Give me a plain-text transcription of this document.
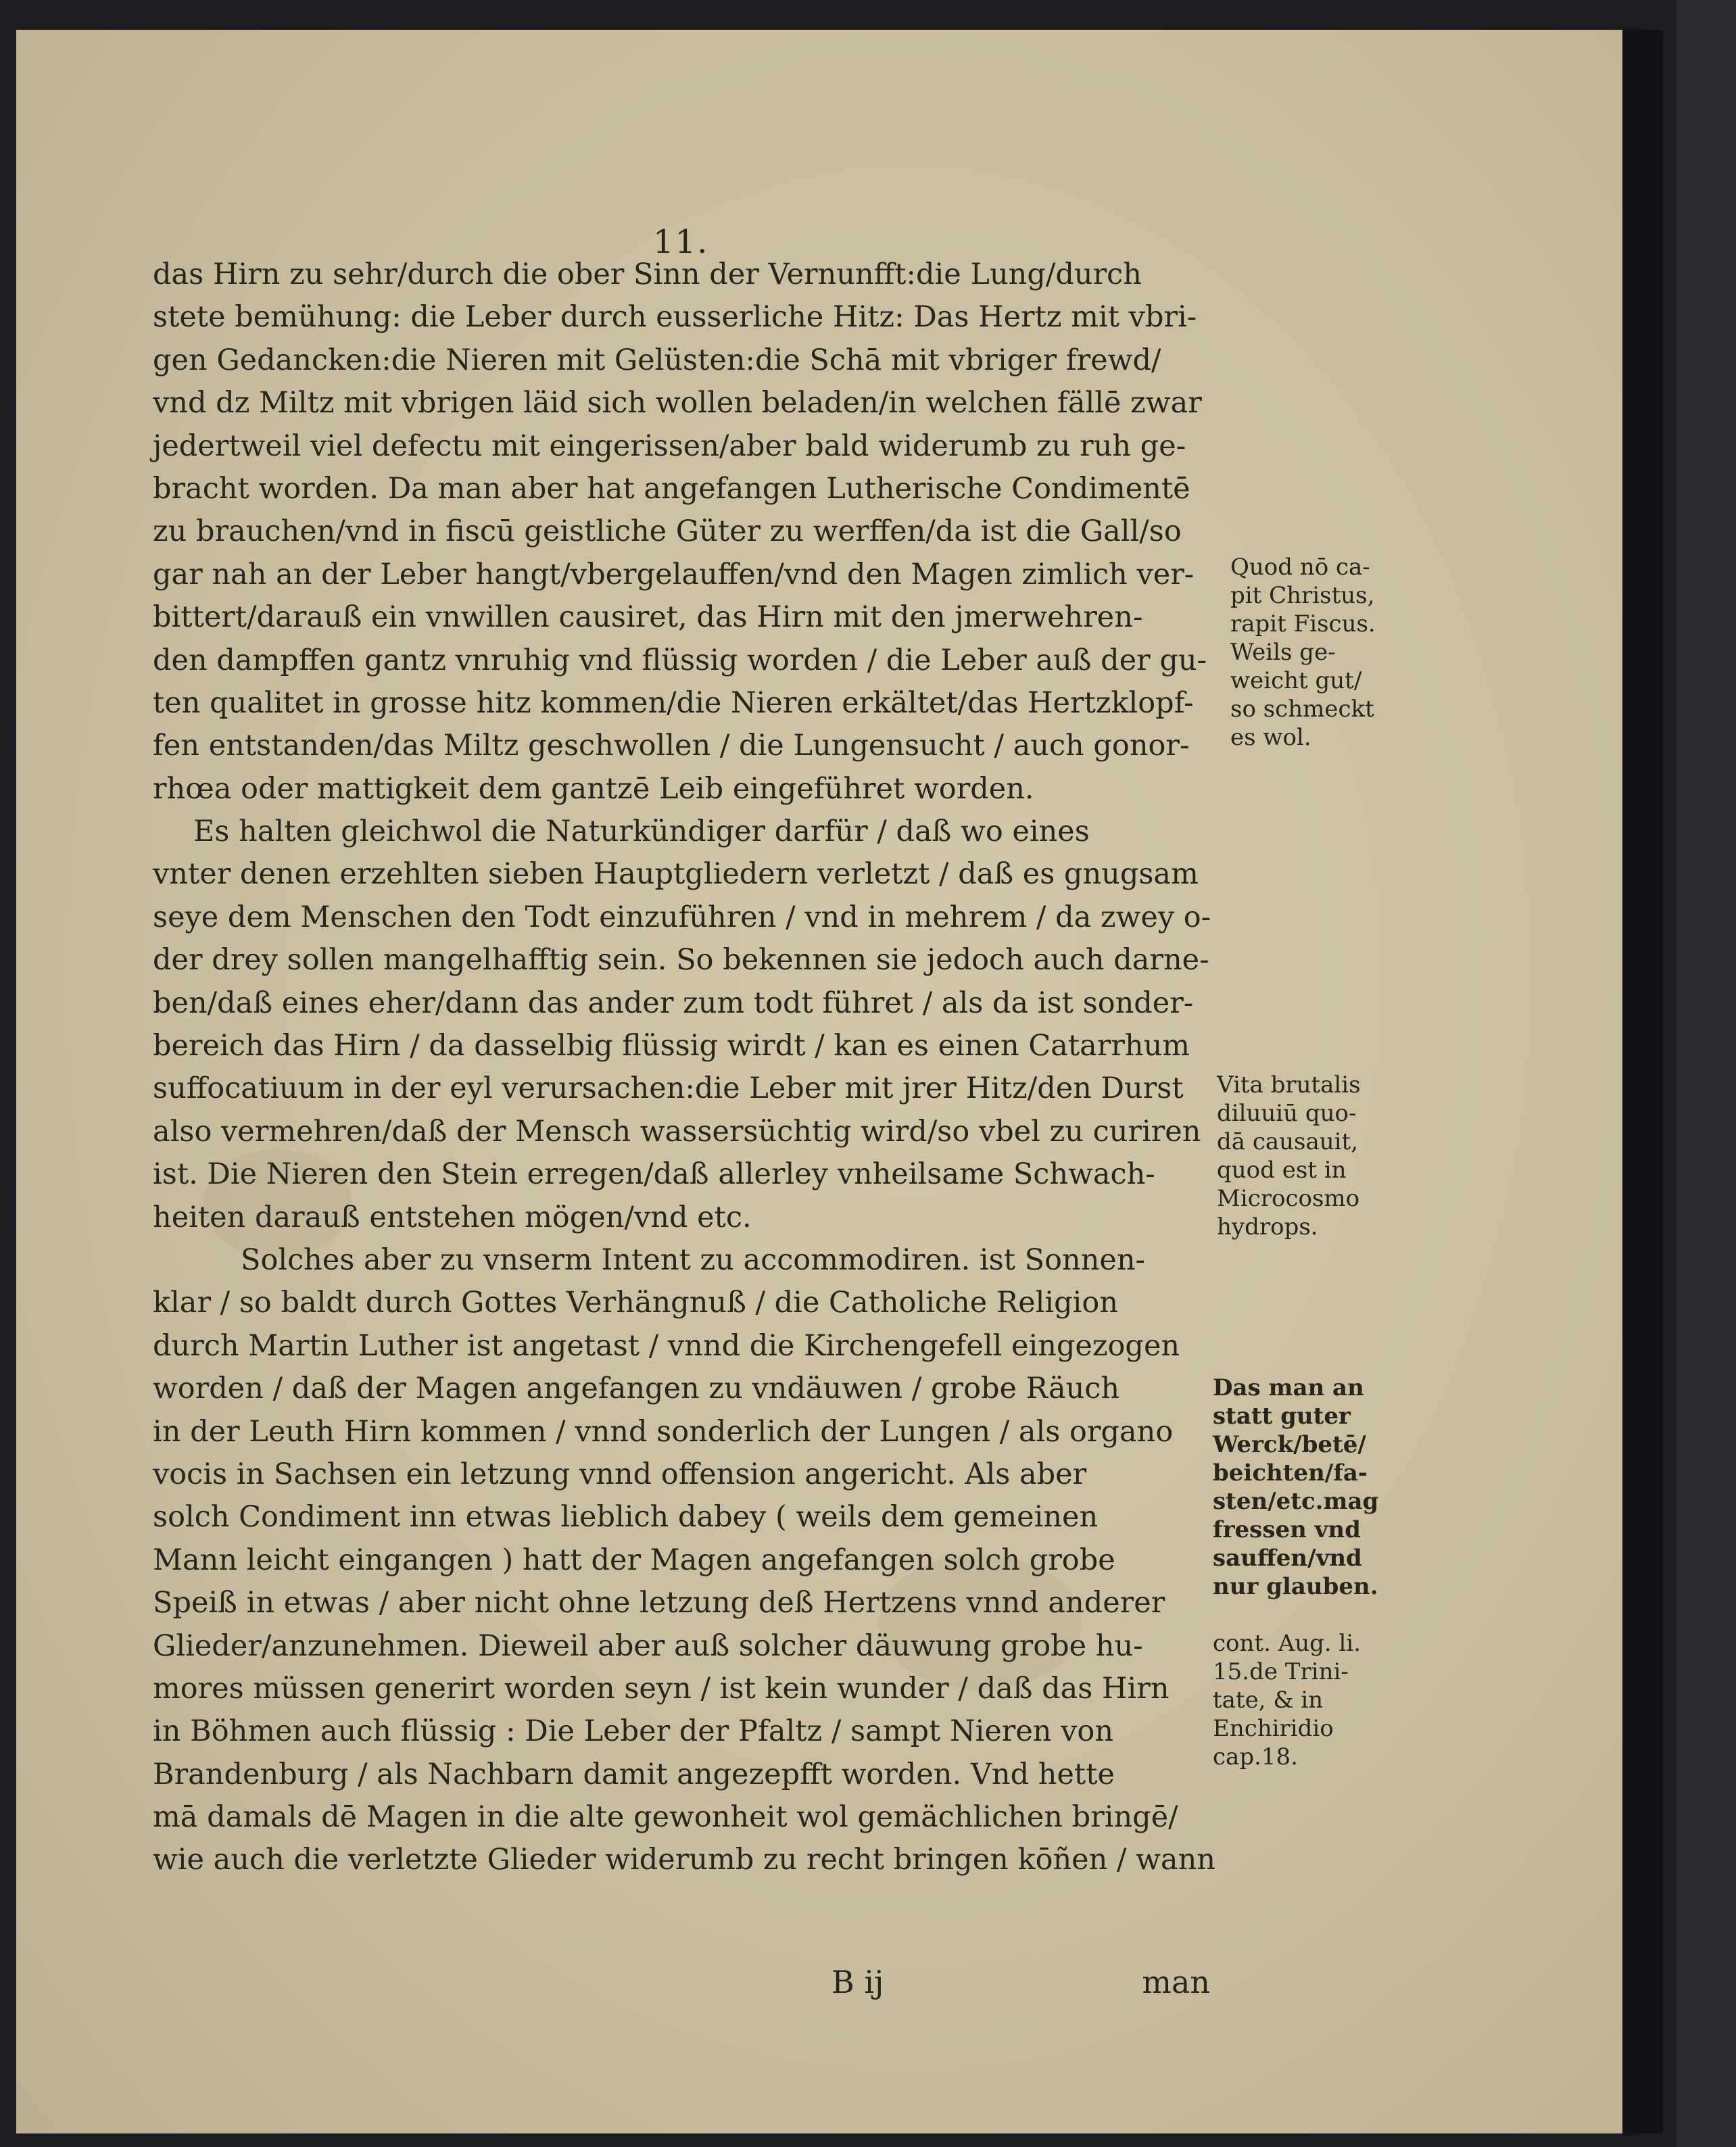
11.
das Hirn zu sehr/durch die ober Sinn der Vernunfft:die Lung/durch
stete bemühung: die Leber durch eusserliche Hitz: Das Hertz mit vbri-
gen Gedancken:die Nieren mit Gelüsten:die Schā mit vbriger frewd/
vnd dz Miltz mit vbrigen läid sich wollen beladen/in welchen fällē zwar
jedertweil viel defectu mit eingerissen/aber bald widerumb zu ruh ge-
bracht worden. Da man aber hat angefangen Lutherische Condimentē
zu brauchen/vnd in fiscū geistliche Güter zu werffen/da ist die Gall/so
gar nah an der Leber hangt/vbergelauffen/vnd den Magen zimlich ver-
bittert/darauß ein vnwillen causiret, das Hirn mit den jmerwehren-
den dampffen gantz vnruhig vnd flüssig worden / die Leber auß der gu-
ten qualitet in grosse hitz kommen/die Nieren erkältet/das Hertzklopf-
fen entstanden/das Miltz geschwollen / die Lungensucht / auch gonor-
rhœa oder mattigkeit dem gantzē Leib eingeführet worden.
Es halten gleichwol die Naturkündiger darfür / daß wo eines
vnter denen erzehlten sieben Hauptgliedern verletzt / daß es gnugsam
seye dem Menschen den Todt einzuführen / vnd in mehrem / da zwey o-
der drey sollen mangelhafftig sein. So bekennen sie jedoch auch darne-
ben/daß eines eher/dann das ander zum todt führet / als da ist sonder-
bereich das Hirn / da dasselbig flüssig wirdt / kan es einen Catarrhum
suffocatiuum in der eyl verursachen:die Leber mit jrer Hitz/den Durst
also vermehren/daß der Mensch wassersüchtig wird/so vbel zu curiren
ist. Die Nieren den Stein erregen/daß allerley vnheilsame Schwach-
heiten darauß entstehen mögen/vnd etc.
Solches aber zu vnserm Intent zu accommodiren. ist Sonnen-
klar / so baldt durch Gottes Verhängnuß / die Catholiche Religion
durch Martin Luther ist angetast / vnnd die Kirchengefell eingezogen
worden / daß der Magen angefangen zu vndäuwen / grobe Räuch
in der Leuth Hirn kommen / vnnd sonderlich der Lungen / als organo
vocis in Sachsen ein letzung vnnd offension angericht. Als aber
solch Condiment inn etwas lieblich dabey ( weils dem gemeinen
Mann leicht eingangen ) hatt der Magen angefangen solch grobe
Speiß in etwas / aber nicht ohne letzung deß Hertzens vnnd anderer
Glieder/anzunehmen. Dieweil aber auß solcher däuwung grobe hu-
mores müssen generirt worden seyn / ist kein wunder / daß das Hirn
in Böhmen auch flüssig : Die Leber der Pfaltz / sampt Nieren von
Brandenburg / als Nachbarn damit angezepfft worden. Vnd hette
mā damals dē Magen in die alte gewonheit wol gemächlichen bringē/
wie auch die verletzte Glieder widerumb zu recht bringen kōñen / wann
B ij	man
Quod nō ca-
pit Christus,
rapit Fiscus.
Weils ge-
weicht gut/
so schmeckt
es wol.
Vita brutalis
diluuiū quo-
dā causauit,
quod est in
Microcosmo
hydrops.
Das man an
statt guter
Werck/betē/
beichten/fa-
sten/etc.mag
fressen vnd
sauffen/vnd
nur glauben.
cont. Aug. li.
15.de Trini-
tate, & in
Enchiridio
cap.18.
